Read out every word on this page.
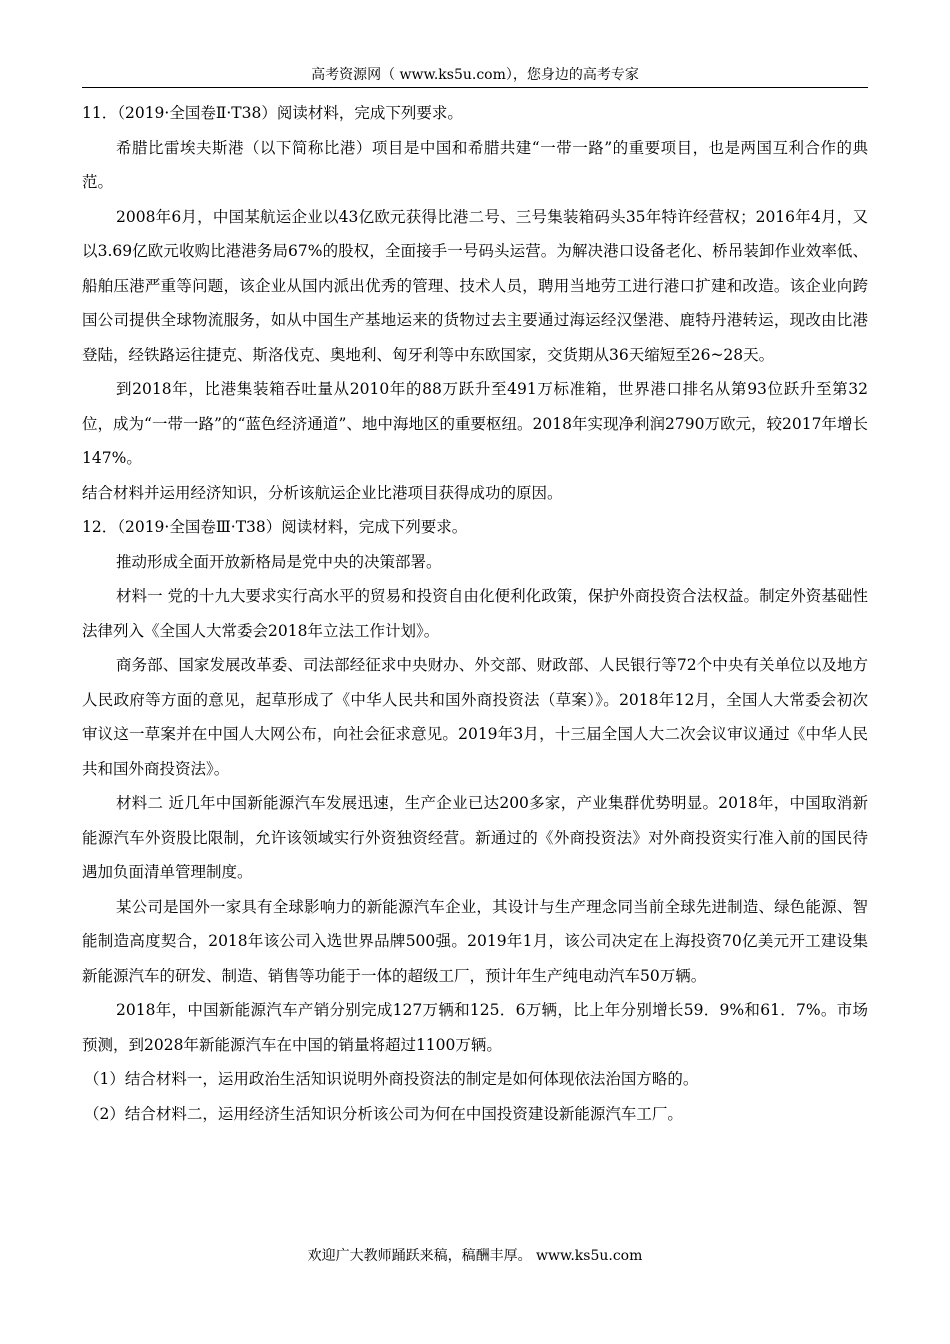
高考资源网（ www.ks5u.com），您身边的高考专家

11．（2019·全国卷Ⅱ·T38）阅读材料，完成下列要求。

希腊比雷埃夫斯港（以下简称比港）项目是中国和希腊共建“一带一路”的重要项目，也是两国互利合作的典范。

2008年6月，中国某航运企业以43亿欧元获得比港二号、三号集装箱码头35年特许经营权；2016年4月，又以3.69亿欧元收购比港港务局67%的股权，全面接手一号码头运营。为解决港口设备老化、桥吊装卸作业效率低、船舶压港严重等问题，该企业从国内派出优秀的管理、技术人员，聘用当地劳工进行港口扩建和改造。该企业向跨国公司提供全球物流服务，如从中国生产基地运来的货物过去主要通过海运经汉堡港、鹿特丹港转运，现改由比港登陆，经铁路运往捷克、斯洛伐克、奥地利、匈牙利等中东欧国家，交货期从36天缩短至26~28天。

到2018年，比港集装箱吞吐量从2010年的88万跃升至491万标准箱，世界港口排名从第93位跃升至第32位，成为“一带一路”的“蓝色经济通道”、地中海地区的重要枢纽。2018年实现净利润2790万欧元，较2017年增长147%。

结合材料并运用经济知识，分析该航运企业比港项目获得成功的原因。

12．（2019·全国卷Ⅲ·T38）阅读材料，完成下列要求。

推动形成全面开放新格局是党中央的决策部署。

材料一 党的十九大要求实行高水平的贸易和投资自由化便利化政策，保护外商投资合法权益。制定外资基础性法律列入《全国人大常委会2018年立法工作计划》。

商务部、国家发展改革委、司法部经征求中央财办、外交部、财政部、人民银行等72个中央有关单位以及地方人民政府等方面的意见，起草形成了《中华人民共和国外商投资法（草案）》。2018年12月，全国人大常委会初次审议这一草案并在中国人大网公布，向社会征求意见。2019年3月，十三届全国人大二次会议审议通过《中华人民共和国外商投资法》。

材料二 近几年中国新能源汽车发展迅速，生产企业已达200多家，产业集群优势明显。2018年，中国取消新能源汽车外资股比限制，允许该领域实行外资独资经营。新通过的《外商投资法》对外商投资实行准入前的国民待遇加负面清单管理制度。

某公司是国外一家具有全球影响力的新能源汽车企业，其设计与生产理念同当前全球先进制造、绿色能源、智能制造高度契合，2018年该公司入选世界品牌500强。2019年1月，该公司决定在上海投资70亿美元开工建设集新能源汽车的研发、制造、销售等功能于一体的超级工厂，预计年生产纯电动汽车50万辆。

2018年，中国新能源汽车产销分别完成127万辆和125．6万辆，比上年分别增长59．9%和61．7%。市场预测，到2028年新能源汽车在中国的销量将超过1100万辆。

（1）结合材料一，运用政治生活知识说明外商投资法的制定是如何体现依法治国方略的。

（2）结合材料二，运用经济生活知识分析该公司为何在中国投资建设新能源汽车工厂。

欢迎广大教师踊跃来稿，稿酬丰厚。 www.ks5u.com
